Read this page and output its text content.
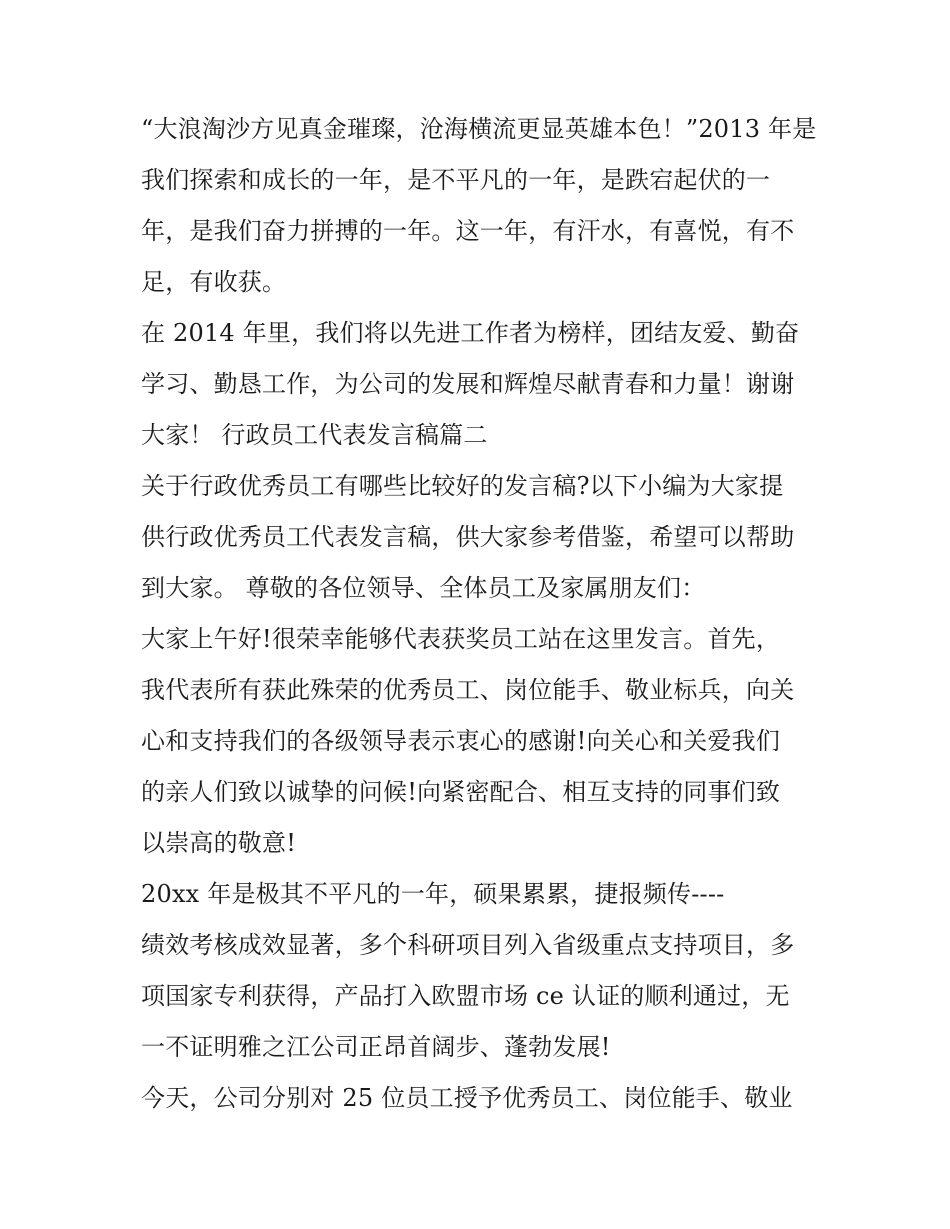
“大浪淘沙方见真金璀璨，沧海横流更显英雄本色！”2013 年是
我们探索和成长的一年，是不平凡的一年，是跌宕起伏的一
年，是我们奋力拼搏的一年。这一年，有汗水，有喜悦，有不
足，有收获。
在 2014 年里，我们将以先进工作者为榜样，团结友爱、勤奋
学习、勤恳工作，为公司的发展和辉煌尽献青春和力量！谢谢
大家！ 行政员工代表发言稿篇二
关于行政优秀员工有哪些比较好的发言稿?以下小编为大家提
供行政优秀员工代表发言稿，供大家参考借鉴，希望可以帮助
到大家。 尊敬的各位领导、全体员工及家属朋友们：
大家上午好!很荣幸能够代表获奖员工站在这里发言。首先，
我代表所有获此殊荣的优秀员工、岗位能手、敬业标兵，向关
心和支持我们的各级领导表示衷心的感谢!向关心和关爱我们
的亲人们致以诚挚的问候!向紧密配合、相互支持的同事们致
以崇高的敬意!
20xx 年是极其不平凡的一年，硕果累累，捷报频传----
绩效考核成效显著，多个科研项目列入省级重点支持项目，多
项国家专利获得，产品打入欧盟市场 ce 认证的顺利通过，无
一不证明雅之江公司正昂首阔步、蓬勃发展!
今天，公司分别对 25 位员工授予优秀员工、岗位能手、敬业
